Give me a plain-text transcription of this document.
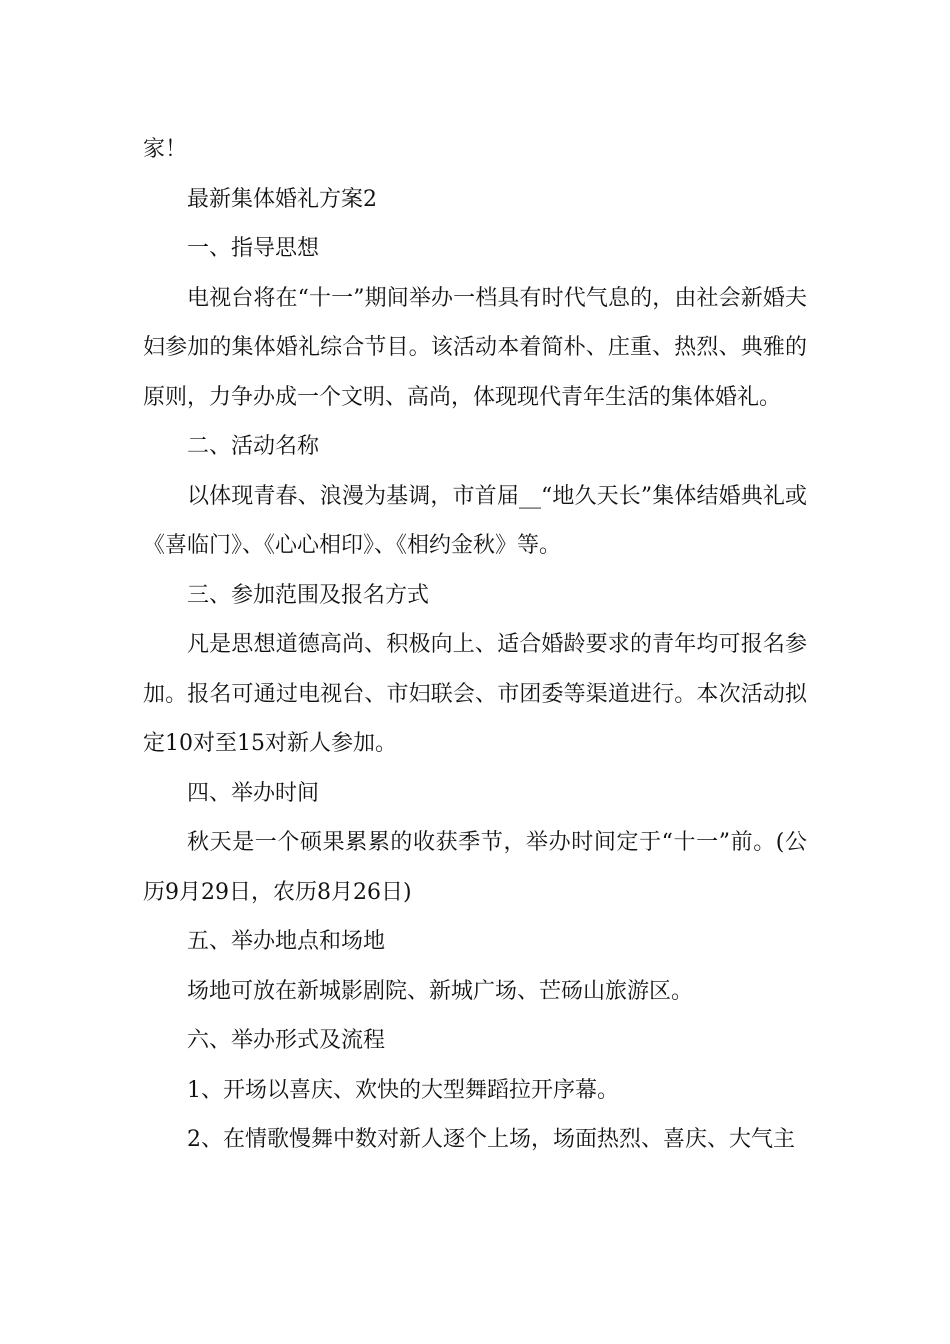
家！

最新集体婚礼方案2

一、指导思想

电视台将在“十一”期间举办一档具有时代气息的，由社会新婚夫妇参加的集体婚礼综合节目。该活动本着简朴、庄重、热烈、典雅的原则，力争办成一个文明、高尚，体现现代青年生活的集体婚礼。

二、活动名称

以体现青春、浪漫为基调，市首届__“地久天长”集体结婚典礼或《喜临门》、《心心相印》、《相约金秋》等。

三、参加范围及报名方式

凡是思想道德高尚、积极向上、适合婚龄要求的青年均可报名参加。报名可通过电视台、市妇联会、市团委等渠道进行。本次活动拟定10对至15对新人参加。

四、举办时间

秋天是一个硕果累累的收获季节，举办时间定于“十一”前。(公历9月29日，农历8月26日)

五、举办地点和场地

场地可放在新城影剧院、新城广场、芒砀山旅游区。

六、举办形式及流程

1、开场以喜庆、欢快的大型舞蹈拉开序幕。

2、在情歌慢舞中数对新人逐个上场，场面热烈、喜庆、大气主
